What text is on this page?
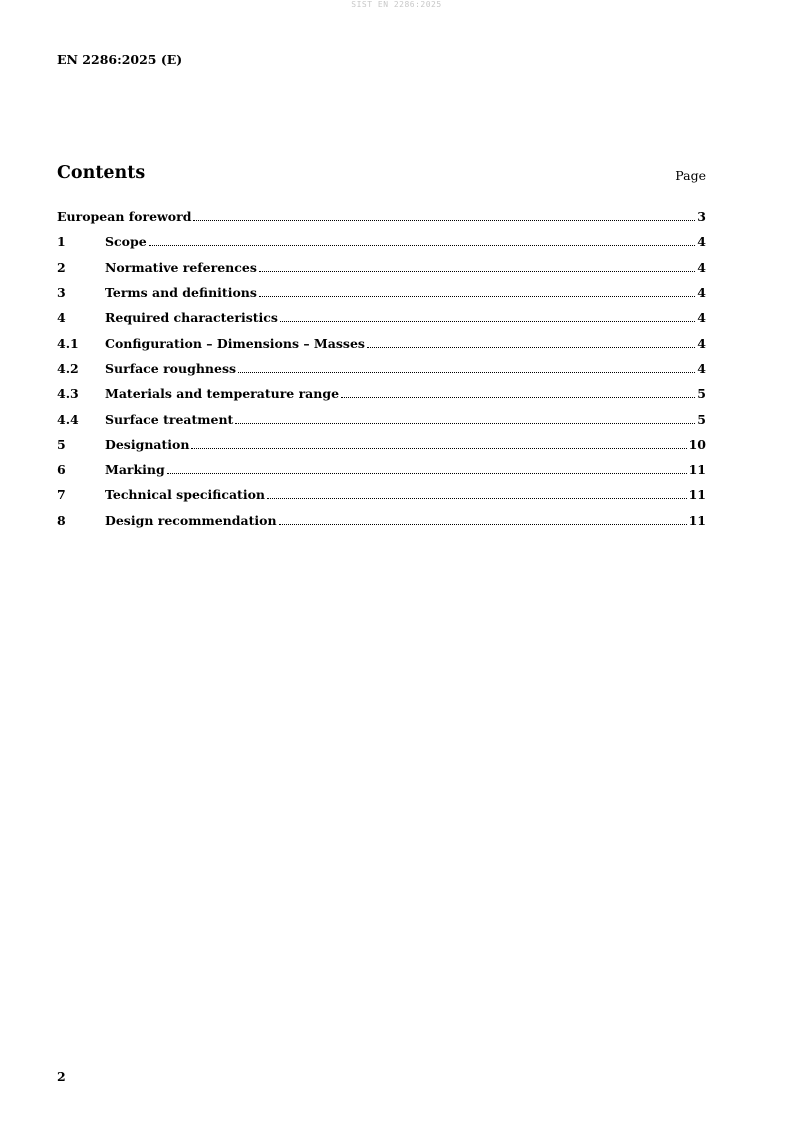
SIST EN 2286:2025
EN 2286:2025 (E)
Contents	Page
European foreword	3
1	Scope	4
2	Normative references	4
3	Terms and definitions	4
4	Required characteristics	4
4.1	Configuration – Dimensions – Masses	4
4.2	Surface roughness	4
4.3	Materials and temperature range	5
4.4	Surface treatment	5
5	Designation	10
6	Marking	11
7	Technical specification	11
8	Design recommendation	11
2
